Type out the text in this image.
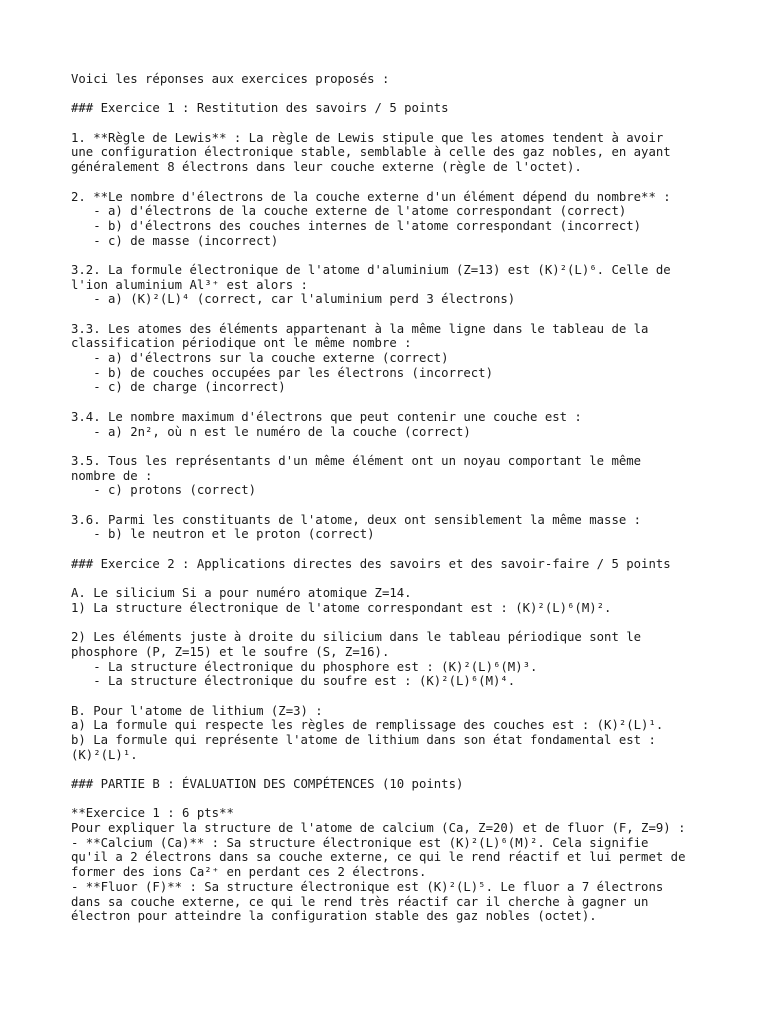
Voici les réponses aux exercices proposés :
### Exercice 1 : Restitution des savoirs / 5 points
1. **Règle de Lewis** : La règle de Lewis stipule que les atomes tendent à avoir
une configuration électronique stable, semblable à celle des gaz nobles, en ayant
généralement 8 électrons dans leur couche externe (règle de l'octet).
2. **Le nombre d'électrons de la couche externe d'un élément dépend du nombre** :
- a) d'électrons de la couche externe de l'atome correspondant (correct)
- b) d'électrons des couches internes de l'atome correspondant (incorrect)
- c) de masse (incorrect)
3.2. La formule électronique de l'atome d'aluminium (Z=13) est (K)²(L)⁶. Celle de
l'ion aluminium Al³⁺ est alors :
- a) (K)²(L)⁴ (correct, car l'aluminium perd 3 électrons)
3.3. Les atomes des éléments appartenant à la même ligne dans le tableau de la
classification périodique ont le même nombre :
- a) d'électrons sur la couche externe (correct)
- b) de couches occupées par les électrons (incorrect)
- c) de charge (incorrect)
3.4. Le nombre maximum d'électrons que peut contenir une couche est :
- a) 2n², où n est le numéro de la couche (correct)
3.5. Tous les représentants d'un même élément ont un noyau comportant le même
nombre de :
- c) protons (correct)
3.6. Parmi les constituants de l'atome, deux ont sensiblement la même masse :
- b) le neutron et le proton (correct)
### Exercice 2 : Applications directes des savoirs et des savoir-faire / 5 points
A. Le silicium Si a pour numéro atomique Z=14.
1) La structure électronique de l'atome correspondant est : (K)²(L)⁶(M)².
2) Les éléments juste à droite du silicium dans le tableau périodique sont le
phosphore (P, Z=15) et le soufre (S, Z=16).
- La structure électronique du phosphore est : (K)²(L)⁶(M)³.
- La structure électronique du soufre est : (K)²(L)⁶(M)⁴.
B. Pour l'atome de lithium (Z=3) :
a) La formule qui respecte les règles de remplissage des couches est : (K)²(L)¹.
b) La formule qui représente l'atome de lithium dans son état fondamental est :
(K)²(L)¹.
### PARTIE B : ÉVALUATION DES COMPÉTENCES (10 points)
**Exercice 1 : 6 pts**
Pour expliquer la structure de l'atome de calcium (Ca, Z=20) et de fluor (F, Z=9) :
- **Calcium (Ca)** : Sa structure électronique est (K)²(L)⁶(M)². Cela signifie
qu'il a 2 électrons dans sa couche externe, ce qui le rend réactif et lui permet de
former des ions Ca²⁺ en perdant ces 2 électrons.
- **Fluor (F)** : Sa structure électronique est (K)²(L)⁵. Le fluor a 7 électrons
dans sa couche externe, ce qui le rend très réactif car il cherche à gagner un
électron pour atteindre la configuration stable des gaz nobles (octet).
